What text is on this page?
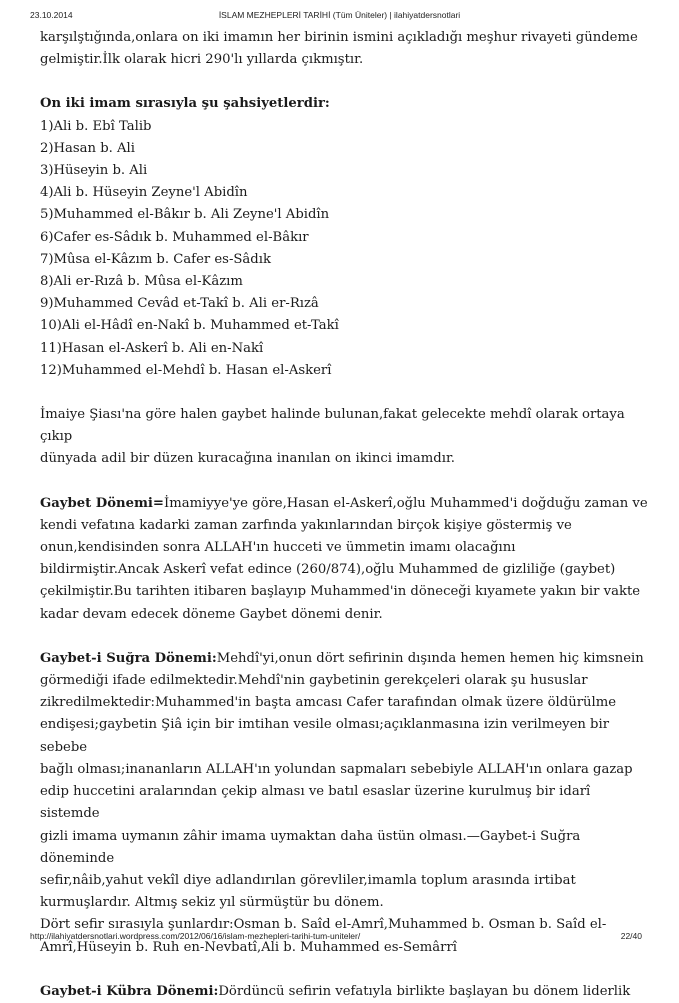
23.10.2014	İSLAM MEZHEPLERİ TARİHİ (Tüm Üniteler) | ilahiyatdersnotlari

karşılştığında,onlara on iki imamın her birinin ismini açıkladığı meşhur rivayeti gündeme

gelmiştir.İlk olarak hicri 290'lı yıllarda çıkmıştır.

On iki imam sırasıyla şu şahsiyetlerdir:

1)Ali b. Ebî Talib

2)Hasan b. Ali

3)Hüseyin b. Ali

4)Ali b. Hüseyin Zeyne'l Abidîn

5)Muhammed el-Bâkır b. Ali Zeyne'l Abidîn

6)Cafer es-Sâdık b. Muhammed el-Bâkır

7)Mûsa el-Kâzım b. Cafer es-Sâdık

8)Ali er-Rızâ b. Mûsa el-Kâzım

9)Muhammed Cevâd et-Takî b. Ali er-Rızâ

10)Ali el-Hâdî en-Nakî b. Muhammed et-Takî

11)Hasan el-Askerî b. Ali en-Nakî

12)Muhammed el-Mehdî b. Hasan el-Askerî

İmaiye Şiası'na göre halen gaybet halinde bulunan,fakat gelecekte mehdî olarak ortaya çıkıp

dünyada adil bir düzen kuracağına inanılan on ikinci imamdır.

Gaybet Dönemi=İmamiyye'ye göre,Hasan el-Askerî,oğlu Muhammed'i doğduğu zaman ve

kendi vefatına kadarki zaman zarfında yakınlarından birçok kişiye göstermiş ve

onun,kendisinden sonra ALLAH'ın hucceti ve ümmetin imamı olacağını

bildirmiştir.Ancak Askerî vefat edince (260/874),oğlu Muhammed de gizliliğe (gaybet)

çekilmiştir.Bu tarihten itibaren başlayıp Muhammed'in döneceği kıyamete yakın bir vakte

kadar devam edecek döneme Gaybet dönemi denir.

Gaybet-i Suğra Dönemi:Mehdî'yi,onun dört sefirinin dışında hemen hemen hiç kimsnein

görmediği ifade edilmektedir.Mehdî'nin gaybetinin gerekçeleri olarak şu hususlar

zikredilmektedir:Muhammed'in başta amcası Cafer tarafından olmak üzere öldürülme

endişesi;gaybetin Şiâ için bir imtihan vesile olması;açıklanmasına izin verilmeyen bir sebebe

bağlı olması;inananların ALLAH'ın yolundan sapmaları sebebiyle ALLAH'ın onlara gazap

edip huccetini aralarından çekip alması ve batıl esaslar üzerine kurulmuş bir idarî sistemde

gizli imama uymanın zâhir imama uymaktan daha üstün olması.—Gaybet-i Suğra döneminde

sefir,nâib,yahut vekîl diye adlandırılan görevliler,imamla toplum arasında irtibat

kurmuşlardır. Altmış sekiz yıl sürmüştür bu dönem.

Dört sefir sırasıyla şunlardır:Osman b. Saîd el-Amrî,Muhammed b. Osman b. Saîd el-

Amrî,Hüseyin b. Ruh en-Nevbatî,Ali b. Muhammed es-Semârrî

Gaybet-i Kübra Dönemi:Dördüncü sefirin vefatıyla birlikte başlayan bu dönem liderlik

http://ilahiyatdersnotlari.wordpress.com/2012/06/16/islam-mezhepleri-tarihi-tum-uniteler/	22/40
